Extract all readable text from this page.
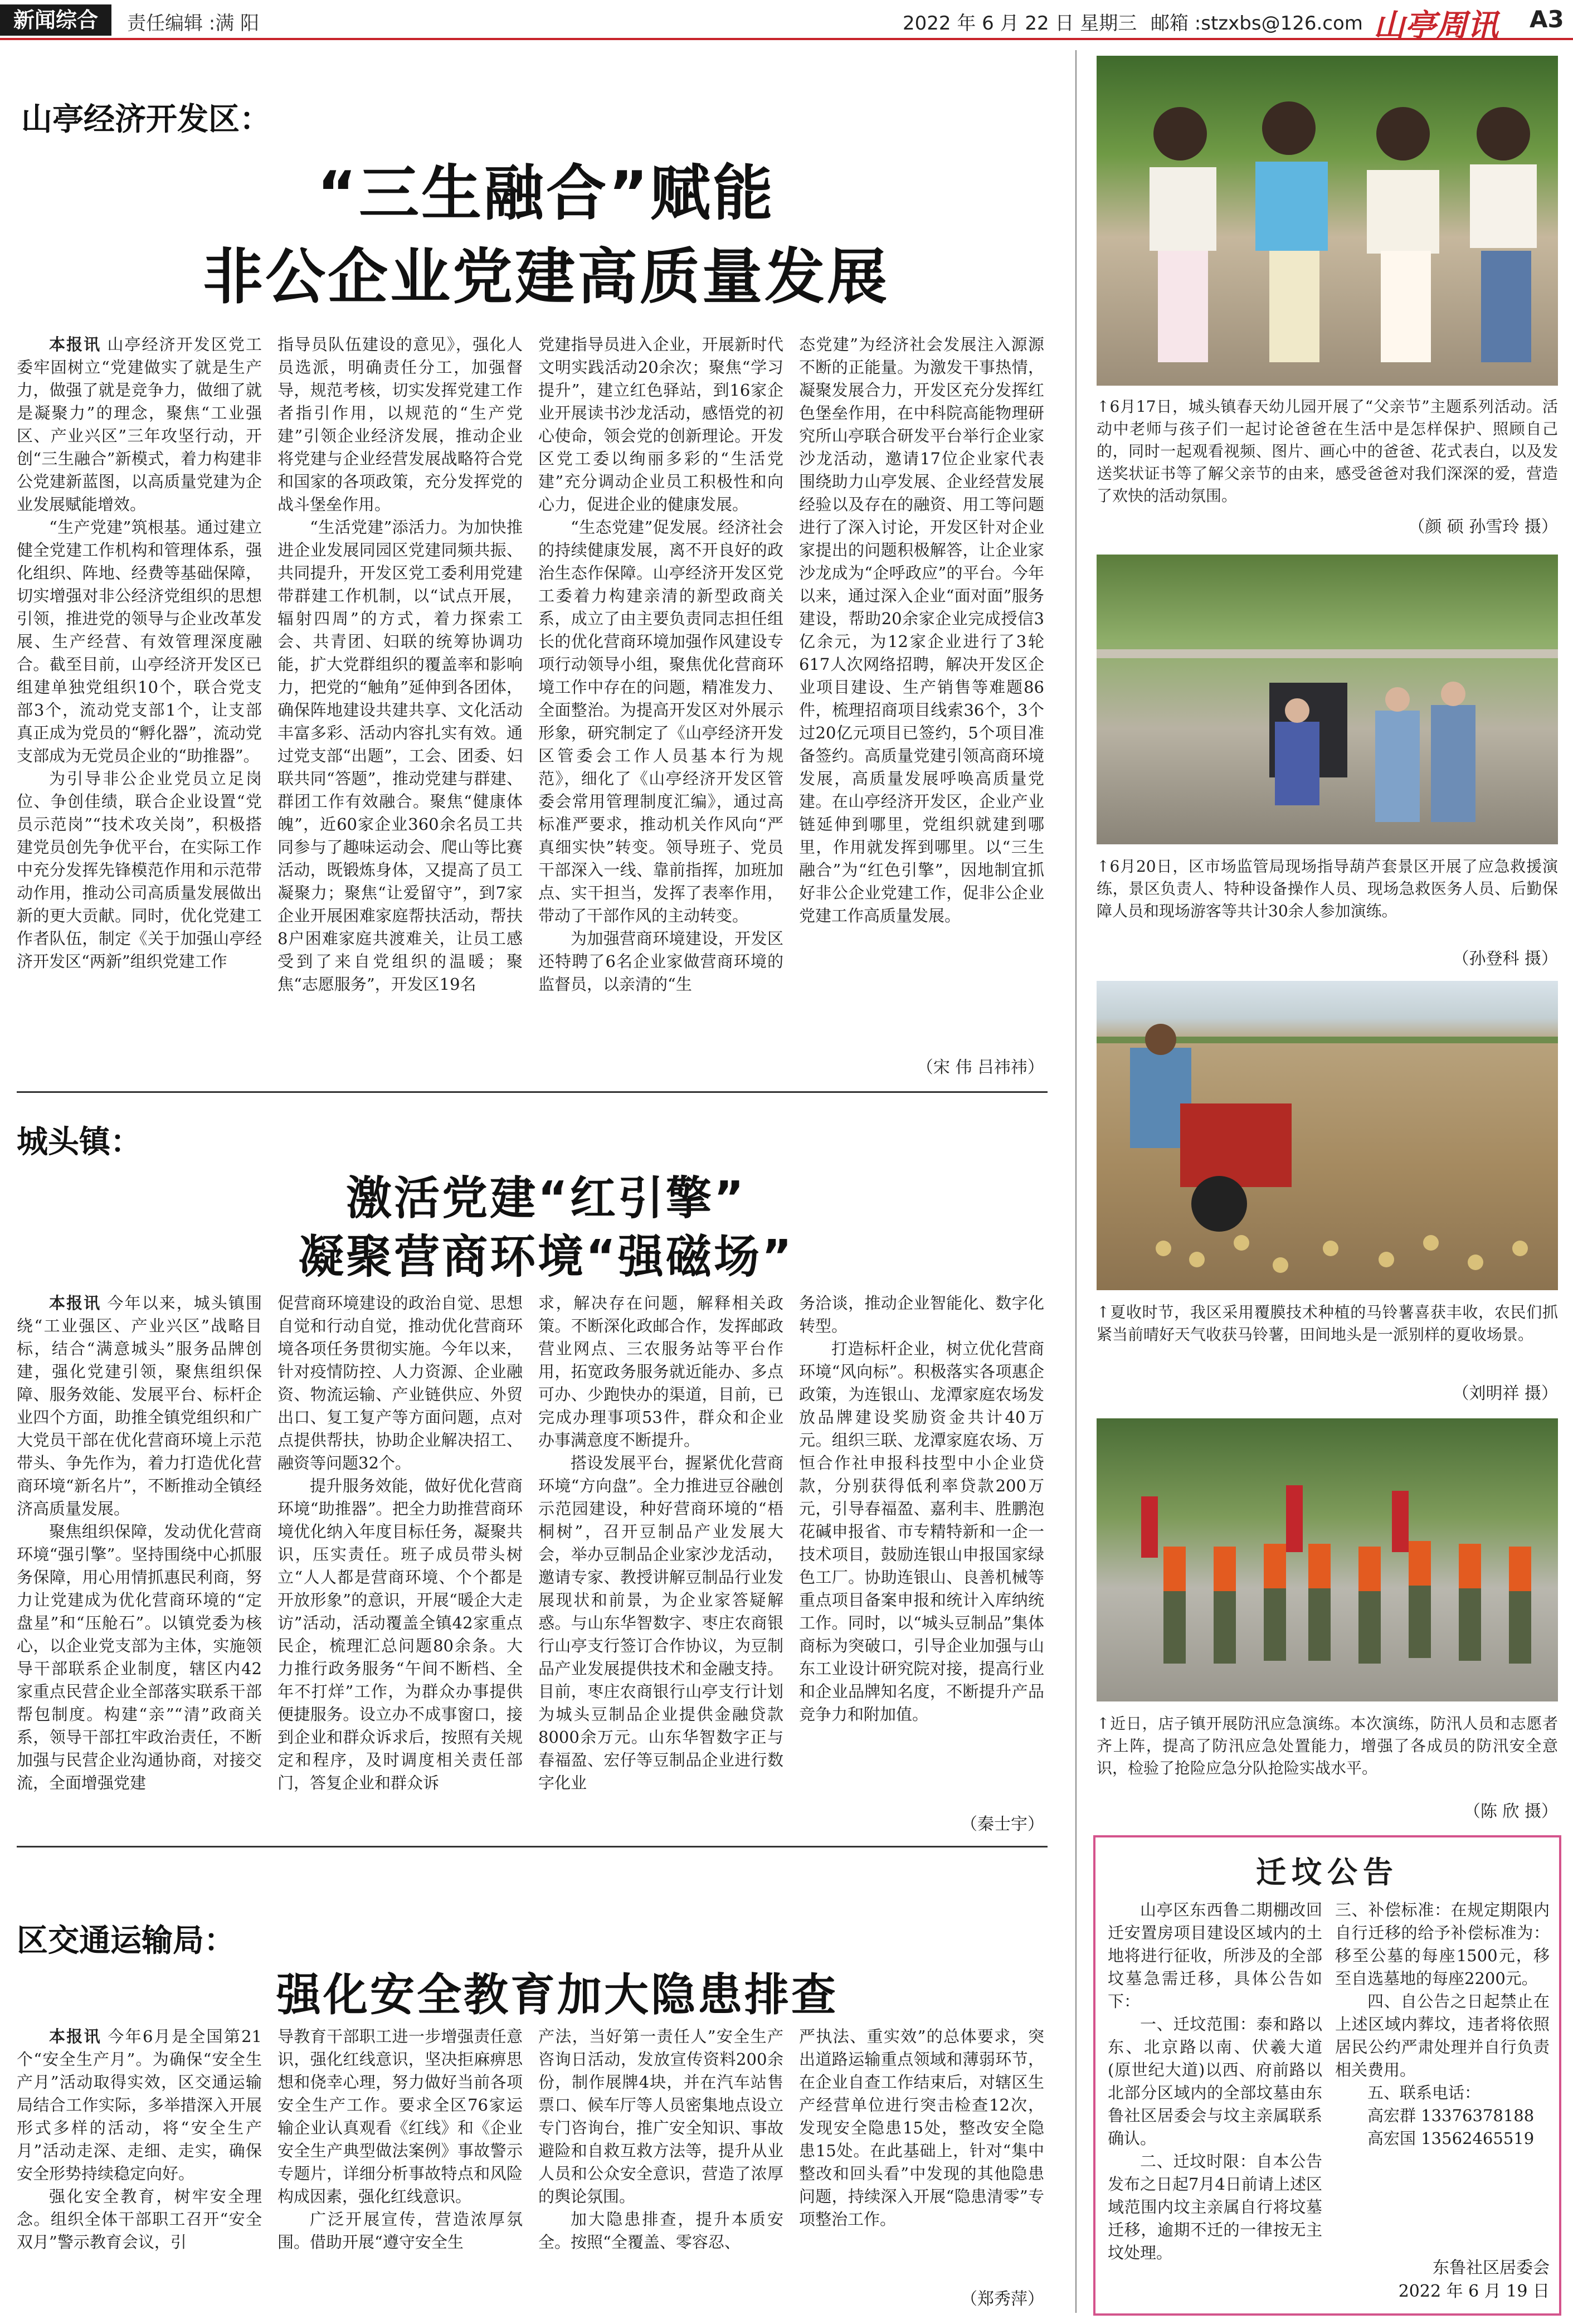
新闻综合	责任编辑 :满 阳	2022 年 6 月 22 日 星期三 邮箱 :stzxbs@126.com 山亭周讯 A3
山亭经济开发区：
“三生融合”赋能
非公企业党建高质量发展

本报讯 山亭经济开发区党工委牢固树立“党建做实了就是生产力，做强了就是竞争力，做细了就是凝聚力”的理念，聚焦“工业强区、产业兴区”三年攻坚行动，开创“三生融合”新模式，着力构建非公党建新蓝图，以高质量党建为企业发展赋能增效。

“生产党建”筑根基。通过建立健全党建工作机构和管理体系，强化组织、阵地、经费等基础保障，切实增强对非公经济党组织的思想引领，推进党的领导与企业改革发展、生产经营、有效管理深度融合。截至目前，山亭经济开发区已组建单独党组织10个，联合党支部3个，流动党支部1个，让支部真正成为党员的“孵化器”，流动党支部成为无党员企业的“助推器”。

为引导非公企业党员立足岗位、争创佳绩，联合企业设置“党员示范岗”“技术攻关岗”，积极搭建党员创先争优平台，在实际工作中充分发挥先锋模范作用和示范带动作用，推动公司高质量发展做出新的更大贡献。同时，优化党建工作者队伍，制定《关于加强山亭经济开发区“两新”组织党建工作

指导员队伍建设的意见》，强化人员选派，明确责任分工，加强督导，规范考核，切实发挥党建工作者指引作用，以规范的“生产党建”引领企业经济发展，推动企业将党建与企业经营发展战略符合党和国家的各项政策，充分发挥党的战斗堡垒作用。

“生活党建”添活力。为加快推进企业发展同园区党建同频共振、共同提升，开发区党工委利用党建带群建工作机制，以“试点开展，辐射四周”的方式，着力探索工会、共青团、妇联的统筹协调功能，扩大党群组织的覆盖率和影响力，把党的“触角”延伸到各团体，确保阵地建设共建共享、文化活动丰富多彩、活动内容扎实有效。通过党支部“出题”，工会、团委、妇联共同“答题”，推动党建与群建、群团工作有效融合。聚焦“健康体魄”，近60家企业360余名员工共同参与了趣味运动会、爬山等比赛活动，既锻炼身体，又提高了员工凝聚力；聚焦“让爱留守”，到7家企业开展困难家庭帮扶活动，帮扶8户困难家庭共渡难关，让员工感受到了来自党组织的温暖；聚焦“志愿服务”，开发区19名

党建指导员进入企业，开展新时代文明实践活动20余次；聚焦“学习提升”，建立红色驿站，到16家企业开展读书沙龙活动，感悟党的初心使命，领会党的创新理论。开发区党工委以绚丽多彩的“生活党建”充分调动企业员工积极性和向心力，促进企业的健康发展。

“生态党建”促发展。经济社会的持续健康发展，离不开良好的政治生态作保障。山亭经济开发区党工委着力构建亲清的新型政商关系，成立了由主要负责同志担任组长的优化营商环境加强作风建设专项行动领导小组，聚焦优化营商环境工作中存在的问题，精准发力、全面整治。为提高开发区对外展示形象，研究制定了《山亭经济开发区管委会工作人员基本行为规范》，细化了《山亭经济开发区管委会常用管理制度汇编》，通过高标准严要求，推动机关作风向“严真细实快”转变。领导班子、党员干部深入一线、靠前指挥，加班加点、实干担当，发挥了表率作用，带动了干部作风的主动转变。

为加强营商环境建设，开发区还特聘了6名企业家做营商环境的监督员，以亲清的“生

态党建”为经济社会发展注入源源不断的正能量。为激发干事热情，凝聚发展合力，开发区充分发挥红色堡垒作用，在中科院高能物理研究所山亭联合研发平台举行企业家沙龙活动，邀请17位企业家代表围绕助力山亭发展、企业经营发展经验以及存在的融资、用工等问题进行了深入讨论，开发区针对企业家提出的问题积极解答，让企业家沙龙成为“企呼政应”的平台。今年以来，通过深入企业“面对面”服务建设，帮助20余家企业完成授信3亿余元，为12家企业进行了3轮617人次网络招聘，解决开发区企业项目建设、生产销售等难题86件，梳理招商项目线索36个，3个过20亿元项目已签约，5个项目准备签约。高质量党建引领高商环境发展，高质量发展呼唤高质量党建。在山亭经济开发区，企业产业链延伸到哪里，党组织就建到哪里，作用就发挥到哪里。以“三生融合”为“红色引擎”，因地制宜抓好非公企业党建工作，促非公企业党建工作高质量发展。

（宋 伟 吕祎祎）
城头镇：
激活党建“红引擎”
凝聚营商环境“强磁场”

本报讯 今年以来，城头镇围绕“工业强区、产业兴区”战略目标，结合“满意城头”服务品牌创建，强化党建引领，聚焦组织保障、服务效能、发展平台、标杆企业四个方面，助推全镇党组织和广大党员干部在优化营商环境上示范带头、争先作为，着力打造优化营商环境“新名片”，不断推动全镇经济高质量发展。

聚焦组织保障，发动优化营商环境“强引擎”。坚持围绕中心抓服务保障，用心用情抓惠民利商，努力让党建成为优化营商环境的“定盘星”和“压舱石”。以镇党委为核心，以企业党支部为主体，实施领导干部联系企业制度，辖区内42家重点民营企业全部落实联系干部帮包制度。构建“亲”“清”政商关系，领导干部扛牢政治责任，不断加强与民营企业沟通协商，对接交流，全面增强党建

促营商环境建设的政治自觉、思想自觉和行动自觉，推动优化营商环境各项任务贯彻实施。今年以来，针对疫情防控、人力资源、企业融资、物流运输、产业链供应、外贸出口、复工复产等方面问题，点对点提供帮扶，协助企业解决招工、融资等问题32个。

提升服务效能，做好优化营商环境“助推器”。把全力助推营商环境优化纳入年度目标任务，凝聚共识，压实责任。班子成员带头树立“人人都是营商环境、个个都是开放形象”的意识，开展“暖企大走访”活动，活动覆盖全镇42家重点民企，梳理汇总问题80余条。大力推行政务服务“午间不断档、全年不打烊”工作，为群众办事提供便捷服务。设立办不成事窗口，接到企业和群众诉求后，按照有关规定和程序，及时调度相关责任部门，答复企业和群众诉

求，解决存在问题，解释相关政策。不断深化政邮合作，发挥邮政营业网点、三农服务站等平台作用，拓宽政务服务就近能办、多点可办、少跑快办的渠道，目前，已完成办理事项53件，群众和企业办事满意度不断提升。

搭设发展平台，握紧优化营商环境“方向盘”。全力推进豆谷融创示范园建设，种好营商环境的“梧桐树”，召开豆制品产业发展大会，举办豆制品企业家沙龙活动，邀请专家、教授讲解豆制品行业发展现状和前景，为企业家答疑解惑。与山东华智数字、枣庄农商银行山亭支行签订合作协议，为豆制品产业发展提供技术和金融支持。目前，枣庄农商银行山亭支行计划为城头豆制品企业提供金融贷款8000余万元。山东华智数字正与春福盈、宏仔等豆制品企业进行数字化业

务洽谈，推动企业智能化、数字化转型。

打造标杆企业，树立优化营商环境“风向标”。积极落实各项惠企政策，为连银山、龙潭家庭农场发放品牌建设奖励资金共计40万元。组织三联、龙潭家庭农场、万恒合作社申报科技型中小企业贷款，分别获得低利率贷款200万元，引导春福盈、嘉利丰、胜鹏泡花碱申报省、市专精特新和一企一技术项目，鼓励连银山申报国家绿色工厂。协助连银山、良善机械等重点项目备案申报和统计入库纳统工作。同时，以“城头豆制品”集体商标为突破口，引导企业加强与山东工业设计研究院对接，提高行业和企业品牌知名度，不断提升产品竞争力和附加值。

（秦士宇）
区交通运输局：
强化安全教育加大隐患排查

本报讯 今年6月是全国第21个“安全生产月”。为确保“安全生产月”活动取得实效，区交通运输局结合工作实际，多举措深入开展形式多样的活动，将“安全生产月”活动走深、走细、走实，确保安全形势持续稳定向好。

强化安全教育，树牢安全理念。组织全体干部职工召开“安全双月”警示教育会议，引

导教育干部职工进一步增强责任意识，强化红线意识，坚决拒麻痹思想和侥幸心理，努力做好当前各项安全生产工作。要求全区76家运输企业认真观看《红线》和《企业安全生产典型做法案例》事故警示专题片，详细分析事故特点和风险构成因素，强化红线意识。

广泛开展宣传，营造浓厚氛围。借助开展“遵守安全生

产法，当好第一责任人”安全生产咨询日活动，发放宣传资料200余份，制作展牌4块，并在汽车站售票口、候车厅等人员密集地点设立专门咨询台，推广安全知识、事故避险和自救互救方法等，提升从业人员和公众安全意识，营造了浓厚的舆论氛围。

加大隐患排查，提升本质安全。按照“全覆盖、零容忍、

严执法、重实效”的总体要求，突出道路运输重点领域和薄弱环节，在企业自查工作结束后，对辖区生产经营单位进行突击检查12次，发现安全隐患15处，整改安全隐患15处。在此基础上，针对“集中整改和回头看”中发现的其他隐患问题，持续深入开展“隐患清零”专项整治工作。

（郑秀萍）
↑6月17日，城头镇春天幼儿园开展了“父亲节”主题系列活动。活动中老师与孩子们一起讨论爸爸在生活中是怎样保护、照顾自己的，同时一起观看视频、图片、画心中的爸爸、花式表白，以及发送奖状证书等了解父亲节的由来，感受爸爸对我们深深的爱，营造了欢快的活动氛围。
（颜 硕 孙雪玲 摄）
↑6月20日，区市场监管局现场指导葫芦套景区开展了应急救援演练，景区负责人、特种设备操作人员、现场急救医务人员、后勤保障人员和现场游客等共计30余人参加演练。
（孙登科 摄）
↑夏收时节，我区采用覆膜技术种植的马铃薯喜获丰收，农民们抓紧当前晴好天气收获马铃薯，田间地头是一派别样的夏收场景。
（刘明祥 摄）
↑近日，店子镇开展防汛应急演练。本次演练，防汛人员和志愿者齐上阵，提高了防汛应急处置能力，增强了各成员的防汛安全意识，检验了抢险应急分队抢险实战水平。
（陈 欣 摄）
迁坟公告

山亭区东西鲁二期棚改回迁安置房项目建设区域内的土地将进行征收，所涉及的全部坟墓急需迁移，具体公告如下：

一、迁坟范围：泰和路以东、北京路以南、伏羲大道(原世纪大道)以西、府前路以北部分区域内的全部坟墓由东鲁社区居委会与坟主亲属联系确认。

二、迁坟时限：自本公告发布之日起7月4日前请上述区域范围内坟主亲属自行将坟墓迁移，逾期不迁的一律按无主坟处理。

三、补偿标准：在规定期限内自行迁移的给予补偿标准为：移至公墓的每座1500元，移至自选墓地的每座2200元。

四、自公告之日起禁止在上述区域内葬坟，违者将依照居民公约严肃处理并自行负责相关费用。

五、联系电话：

高宏群 13376378188

高宏国 13562465519

东鲁社区居委会
2022 年 6 月 19 日
